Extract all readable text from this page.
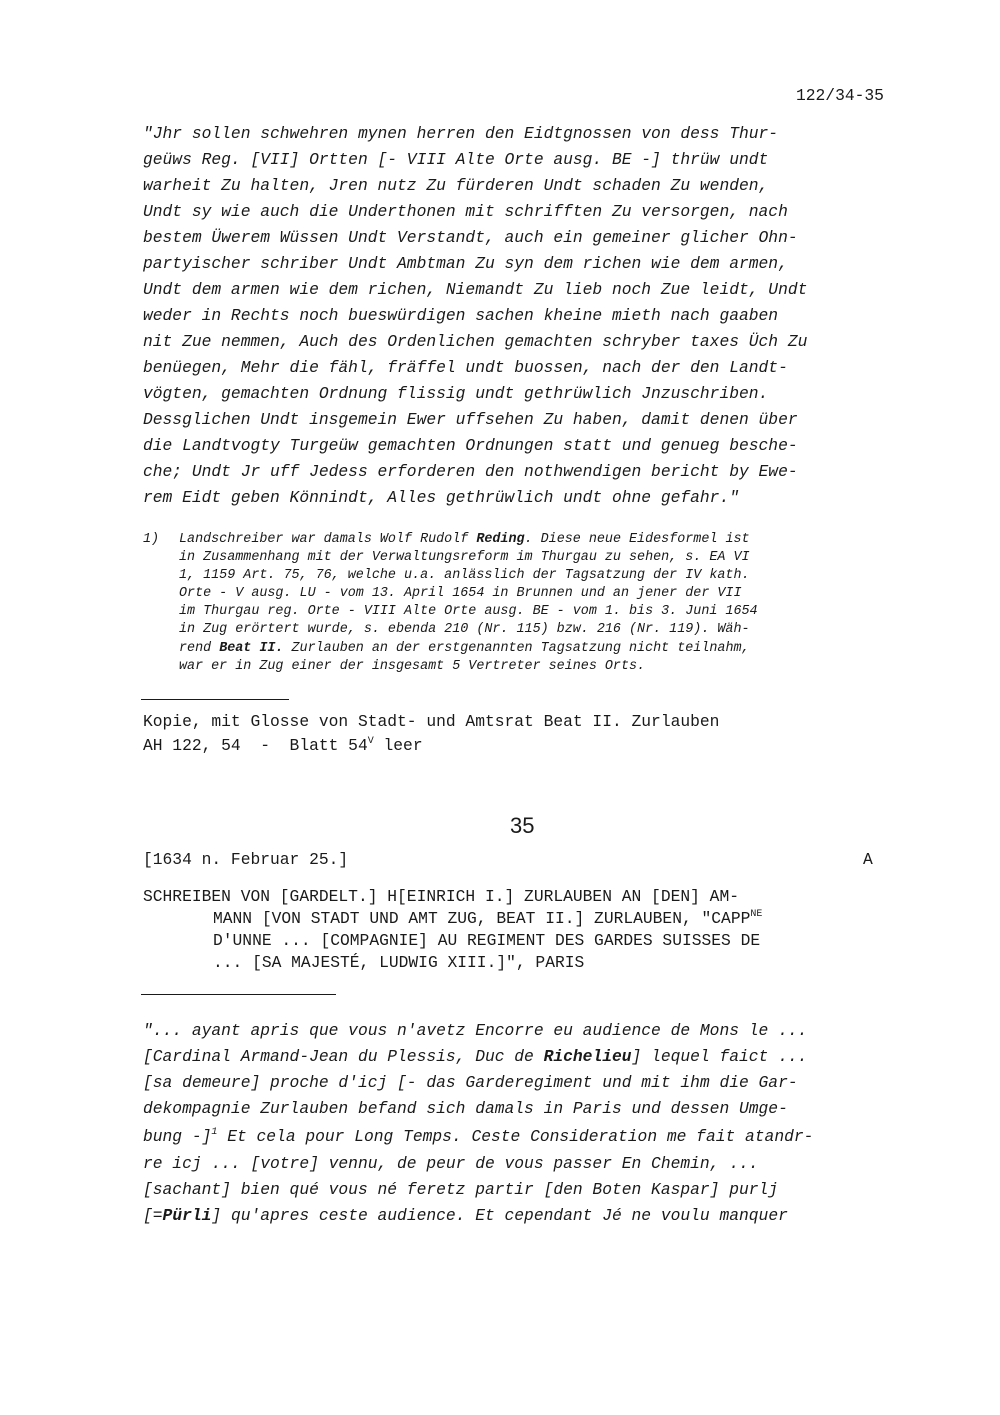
122/34-35
"Jhr sollen schwehren mynen herren den Eidtgnossen von dess Thur-
geüws Reg. [VII] Ortten [- VIII Alte Orte ausg. BE -] thrüw undt
warheit Zu halten, Jren nutz Zu fürderen Undt schaden Zu wenden,
Undt sy wie auch die Underthonen mit schrifften Zu versorgen, nach
bestem Üwerem Wüssen Undt Verstandt, auch ein gemeiner glicher Ohn-
partyischer schriber Undt Ambtman Zu syn dem richen wie dem armen,
Undt dem armen wie dem richen, Niemandt Zu lieb noch Zue leidt, Undt
weder in Rechts noch bueswürdigen sachen kheine mieth nach gaaben
nit Zue nemmen, Auch des Ordenlichen gemachten schryber taxes Üch Zu
benüegen, Mehr die fähl, fräffel undt buossen, nach der den Landt-
vögten, gemachten Ordnung flissig undt gethrüwlich Jnzuschriben.
Dessglichen Undt insgemein Ewer uffsehen Zu haben, damit denen über
die Landtvogty Turgeüw gemachten Ordnungen statt und genueg besche-
che; Undt Jr uff Jedess erforderen den nothwendigen bericht by Ewe-
rem Eidt geben Könnindt, Alles gethrüwlich undt ohne gefahr."
1) Landschreiber war damals Wolf Rudolf Reding. Diese neue Eidesformel ist
in Zusammenhang mit der Verwaltungsreform im Thurgau zu sehen, s. EA VI
1, 1159 Art. 75, 76, welche u.a. anlässlich der Tagsatzung der IV kath.
Orte - V ausg. LU - vom 13. April 1654 in Brunnen und an jener der VII
im Thurgau reg. Orte - VIII Alte Orte ausg. BE - vom 1. bis 3. Juni 1654
in Zug erörtert wurde, s. ebenda 210 (Nr. 115) bzw. 216 (Nr. 119). Wäh-
rend Beat II. Zurlauben an der erstgenannten Tagsatzung nicht teilnahm,
war er in Zug einer der insgesamt 5 Vertreter seines Orts.
Kopie, mit Glosse von Stadt- und Amtsrat Beat II. Zurlauben
AH 122, 54  -  Blatt $54^V$ leer
35
[1634 n. Februar 25.]	A
SCHREIBEN VON [GARDELT.] H[EINRICH I.] ZURLAUBEN AN [DEN] AM-
MANN [VON STADT UND AMT ZUG, BEAT II.] ZURLAUBEN, "$CAPP^{NE}$
D'UNNE ... [COMPAGNIE] AU REGIMENT DES GARDES SUISSES DE
... [SA MAJESTÉ, LUDWIG XIII.]", PARIS
"... ayant apris que vous n'avetz Encorre eu audience de Mons le ...
[Cardinal Armand-Jean du Plessis, Duc de Richelieu] lequel faict ...
[sa demeure] proche d'icj [- das Garderegiment und mit ihm die Gar-
dekompagnie Zurlauben befand sich damals in Paris und dessen Umge-
bung -]$^1$ Et cela pour Long Temps. Ceste Consideration me fait atandr-
re icj ... [votre] vennu, de peur de vous passer En Chemin, ...
[sachant] bien qué vous né feretz partir [den Boten Kaspar] purlj
[=Pürli] qu'apres ceste audience. Et cependant Jé ne voulu manquer
